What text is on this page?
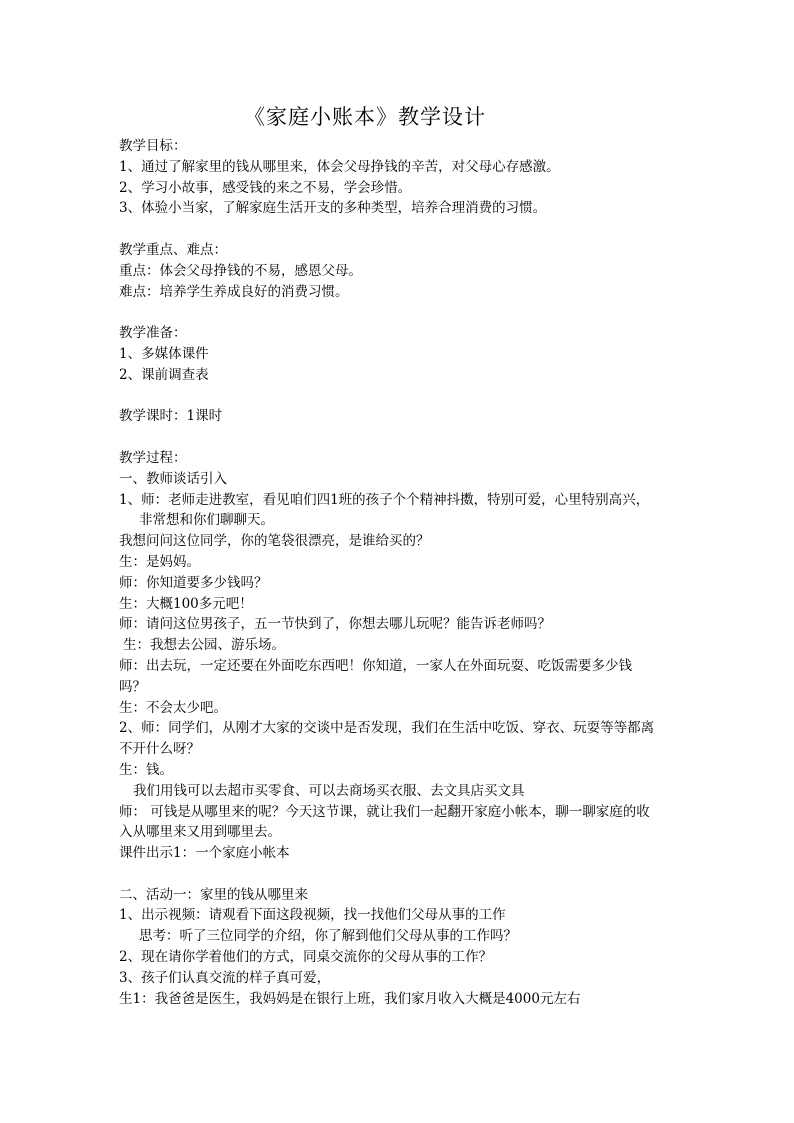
《家庭小账本》教学设计

教学目标：

1、通过了解家里的钱从哪里来，体会父母挣钱的辛苦，对父母心存感激。

2、学习小故事，感受钱的来之不易，学会珍惜。

3、体验小当家，了解家庭生活开支的多种类型，培养合理消费的习惯。

教学重点、难点：

重点：体会父母挣钱的不易，感恩父母。

难点：培养学生养成良好的消费习惯。

教学准备：

1、多媒体课件

2、课前调查表

教学课时：1课时

教学过程：

一、教师谈话引入

1、师：老师走进教室，看见咱们四1班的孩子个个精神抖擞，特别可爱，心里特别高兴，

非常想和你们聊聊天。

我想问问这位同学，你的笔袋很漂亮，是谁给买的？

生：是妈妈。

师：你知道要多少钱吗？

生：大概100多元吧！

师：请问这位男孩子，五一节快到了，你想去哪儿玩呢？能告诉老师吗？

生：我想去公园、游乐场。

师：出去玩，一定还要在外面吃东西吧！你知道，一家人在外面玩耍、吃饭需要多少钱

吗？

生：不会太少吧。

2、师：同学们，从刚才大家的交谈中是否发现，我们在生活中吃饭、穿衣、玩耍等等都离

不开什么呀？

生：钱。

我们用钱可以去超市买零食、可以去商场买衣服、去文具店买文具

师： 可钱是从哪里来的呢？今天这节课，就让我们一起翻开家庭小帐本，聊一聊家庭的收

入从哪里来又用到哪里去。

课件出示1：一个家庭小帐本

二、活动一：家里的钱从哪里来

1、出示视频：请观看下面这段视频，找一找他们父母从事的工作

思考：听了三位同学的介绍，你了解到他们父母从事的工作吗？

2、现在请你学着他们的方式，同桌交流你的父母从事的工作？

3、孩子们认真交流的样子真可爱，

生1：我爸爸是医生，我妈妈是在银行上班，我们家月收入大概是4000元左右
